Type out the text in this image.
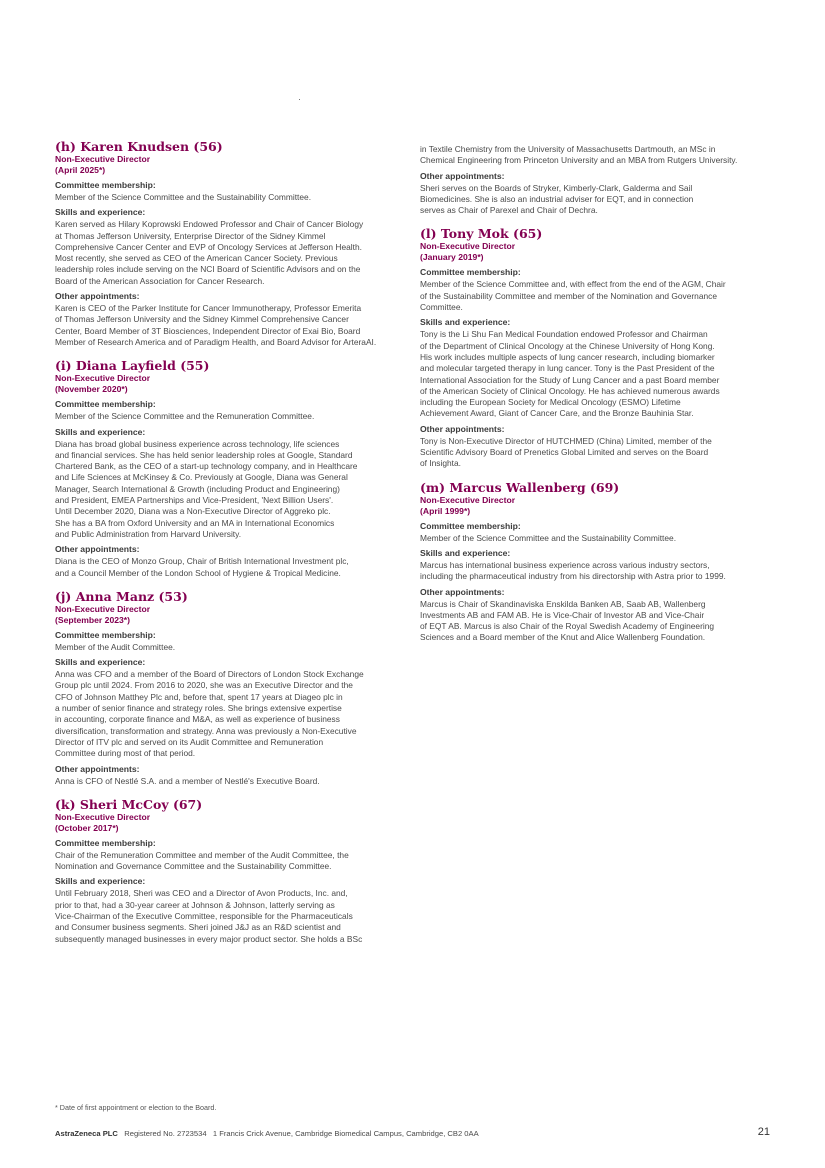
(h) Karen Knudsen (56)
Non-Executive Director
(April 2025*)
Committee membership:
Member of the Science Committee and the Sustainability Committee.
Skills and experience:
Karen served as Hilary Koprowski Endowed Professor and Chair of Cancer Biology
at Thomas Jefferson University, Enterprise Director of the Sidney Kimmel
Comprehensive Cancer Center and EVP of Oncology Services at Jefferson Health.
Most recently, she served as CEO of the American Cancer Society. Previous
leadership roles include serving on the NCI Board of Scientific Advisors and on the
Board of the American Association for Cancer Research.
Other appointments:
Karen is CEO of the Parker Institute for Cancer Immunotherapy, Professor Emerita
of Thomas Jefferson University and the Sidney Kimmel Comprehensive Cancer
Center, Board Member of 3T Biosciences, Independent Director of Exai Bio, Board
Member of Research America and of Paradigm Health, and Board Advisor for ArteraAI.
(i) Diana Layfield (55)
Non-Executive Director
(November 2020*)
Committee membership:
Member of the Science Committee and the Remuneration Committee.
Skills and experience:
Diana has broad global business experience across technology, life sciences
and financial services. She has held senior leadership roles at Google, Standard
Chartered Bank, as the CEO of a start-up technology company, and in Healthcare
and Life Sciences at McKinsey & Co. Previously at Google, Diana was General
Manager, Search International & Growth (including Product and Engineering)
and President, EMEA Partnerships and Vice-President, 'Next Billion Users'.
Until December 2020, Diana was a Non-Executive Director of Aggreko plc.
She has a BA from Oxford University and an MA in International Economics
and Public Administration from Harvard University.
Other appointments:
Diana is the CEO of Monzo Group, Chair of British International Investment plc,
and a Council Member of the London School of Hygiene & Tropical Medicine.
(j) Anna Manz (53)
Non-Executive Director
(September 2023*)
Committee membership:
Member of the Audit Committee.
Skills and experience:
Anna was CFO and a member of the Board of Directors of London Stock Exchange
Group plc until 2024. From 2016 to 2020, she was an Executive Director and the
CFO of Johnson Matthey Plc and, before that, spent 17 years at Diageo plc in
a number of senior finance and strategy roles. She brings extensive expertise
in accounting, corporate finance and M&A, as well as experience of business
diversification, transformation and strategy. Anna was previously a Non-Executive
Director of ITV plc and served on its Audit Committee and Remuneration
Committee during most of that period.
Other appointments:
Anna is CFO of Nestlé S.A. and a member of Nestlé's Executive Board.
(k) Sheri McCoy (67)
Non-Executive Director
(October 2017*)
Committee membership:
Chair of the Remuneration Committee and member of the Audit Committee, the
Nomination and Governance Committee and the Sustainability Committee.
Skills and experience:
Until February 2018, Sheri was CEO and a Director of Avon Products, Inc. and,
prior to that, had a 30-year career at Johnson & Johnson, latterly serving as
Vice-Chairman of the Executive Committee, responsible for the Pharmaceuticals
and Consumer business segments. Sheri joined J&J as an R&D scientist and
subsequently managed businesses in every major product sector. She holds a BSc
in Textile Chemistry from the University of Massachusetts Dartmouth, an MSc in
Chemical Engineering from Princeton University and an MBA from Rutgers University.
Other appointments:
Sheri serves on the Boards of Stryker, Kimberly-Clark, Galderma and Sail
Biomedicines. She is also an industrial adviser for EQT, and in connection
serves as Chair of Parexel and Chair of Dechra.
(l) Tony Mok (65)
Non-Executive Director
(January 2019*)
Committee membership:
Member of the Science Committee and, with effect from the end of the AGM, Chair
of the Sustainability Committee and member of the Nomination and Governance
Committee.
Skills and experience:
Tony is the Li Shu Fan Medical Foundation endowed Professor and Chairman
of the Department of Clinical Oncology at the Chinese University of Hong Kong.
His work includes multiple aspects of lung cancer research, including biomarker
and molecular targeted therapy in lung cancer. Tony is the Past President of the
International Association for the Study of Lung Cancer and a past Board member
of the American Society of Clinical Oncology. He has achieved numerous awards
including the European Society for Medical Oncology (ESMO) Lifetime
Achievement Award, Giant of Cancer Care, and the Bronze Bauhinia Star.
Other appointments:
Tony is Non-Executive Director of HUTCHMED (China) Limited, member of the
Scientific Advisory Board of Prenetics Global Limited and serves on the Board
of Insighta.
(m) Marcus Wallenberg (69)
Non-Executive Director
(April 1999*)
Committee membership:
Member of the Science Committee and the Sustainability Committee.
Skills and experience:
Marcus has international business experience across various industry sectors,
including the pharmaceutical industry from his directorship with Astra prior to 1999.
Other appointments:
Marcus is Chair of Skandinaviska Enskilda Banken AB, Saab AB, Wallenberg
Investments AB and FAM AB. He is Vice-Chair of Investor AB and Vice-Chair
of EQT AB. Marcus is also Chair of the Royal Swedish Academy of Engineering
Sciences and a Board member of the Knut and Alice Wallenberg Foundation.
* Date of first appointment or election to the Board.
AstraZeneca PLC Registered No. 2723534 1 Francis Crick Avenue, Cambridge Biomedical Campus, Cambridge, CB2 0AA	21
